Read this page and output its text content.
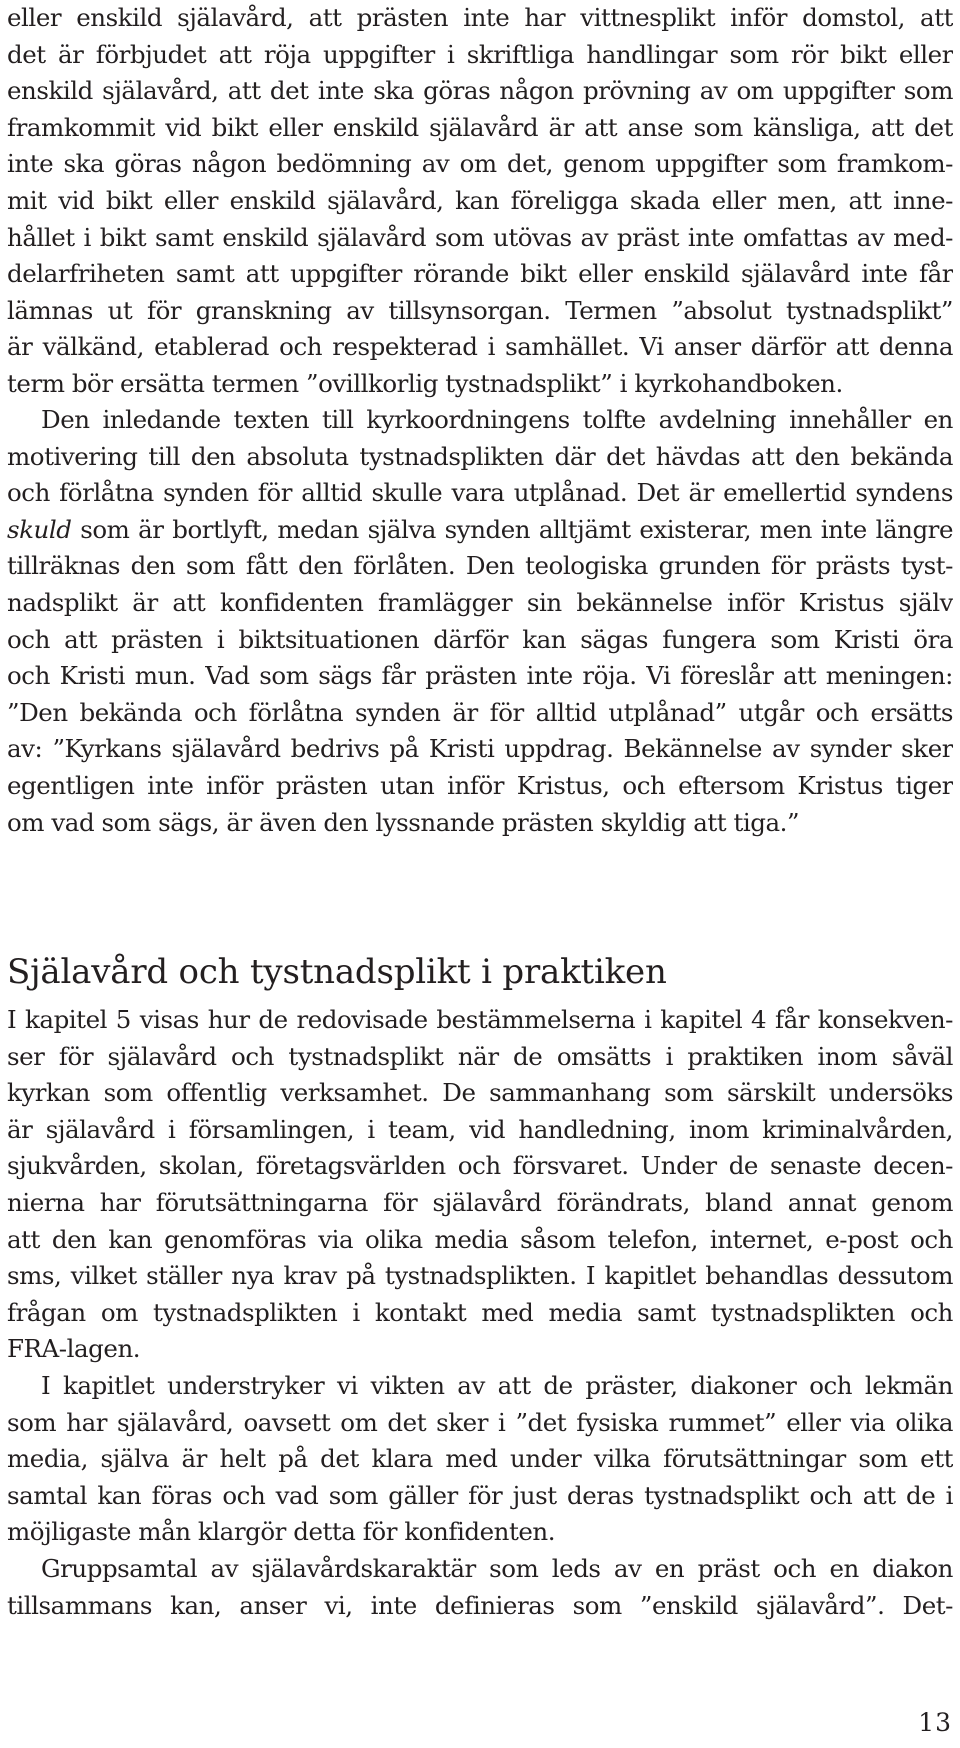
eller enskild själavård, att prästen inte har vittnesplikt inför domstol, att
det är förbjudet att röja uppgifter i skriftliga handlingar som rör bikt eller
enskild själavård, att det inte ska göras någon prövning av om uppgifter som
framkommit vid bikt eller enskild själavård är att anse som känsliga, att det
inte ska göras någon bedömning av om det, genom uppgifter som framkom-
mit vid bikt eller enskild själavård, kan föreligga skada eller men, att inne-
hållet i bikt samt enskild själavård som utövas av präst inte omfattas av med-
delarfriheten samt att uppgifter rörande bikt eller enskild själavård inte får
lämnas ut för granskning av tillsynsorgan. Termen ”absolut tystnadsplikt”
är välkänd, etablerad och respekterad i samhället. Vi anser därför att denna
term bör ersätta termen ”ovillkorlig tystnadsplikt” i kyrkohandboken.
Den inledande texten till kyrkoordningens tolfte avdelning innehåller en
motivering till den absoluta tystnadsplikten där det hävdas att den bekända
och förlåtna synden för alltid skulle vara utplånad. Det är emellertid syndens
skuld som är bortlyft, medan själva synden alltjämt existerar, men inte längre
tillräknas den som fått den förlåten. Den teologiska grunden för prästs tyst-
nadsplikt är att konfidenten framlägger sin bekännelse inför Kristus själv
och att prästen i biktsituationen därför kan sägas fungera som Kristi öra
och Kristi mun. Vad som sägs får prästen inte röja. Vi föreslår att meningen:
”Den bekända och förlåtna synden är för alltid utplånad” utgår och ersätts
av: ”Kyrkans själavård bedrivs på Kristi uppdrag. Bekännelse av synder sker
egentligen inte inför prästen utan inför Kristus, och eftersom Kristus tiger
om vad som sägs, är även den lyssnande prästen skyldig att tiga.”
Själavård och tystnadsplikt i praktiken
I kapitel 5 visas hur de redovisade bestämmelserna i kapitel 4 får konsekven-
ser för själavård och tystnadsplikt när de omsätts i praktiken inom såväl
kyrkan som offentlig verksamhet. De sammanhang som särskilt undersöks
är själavård i församlingen, i team, vid handledning, inom kriminalvården,
sjukvården, skolan, företagsvärlden och försvaret. Under de senaste decen-
nierna har förutsättningarna för själavård förändrats, bland annat genom
att den kan genomföras via olika media såsom telefon, internet, e-post och
sms, vilket ställer nya krav på tystnadsplikten. I kapitlet behandlas dessutom
frågan om tystnadsplikten i kontakt med media samt tystnadsplikten och
FRA-lagen.
I kapitlet understryker vi vikten av att de präster, diakoner och lekmän
som har själavård, oavsett om det sker i ”det fysiska rummet” eller via olika
media, själva är helt på det klara med under vilka förutsättningar som ett
samtal kan föras och vad som gäller för just deras tystnadsplikt och att de i
möjligaste mån klargör detta för konfidenten.
Gruppsamtal av själavårdskaraktär som leds av en präst och en diakon
tillsammans kan, anser vi, inte definieras som ”enskild själavård”. Det-
13
